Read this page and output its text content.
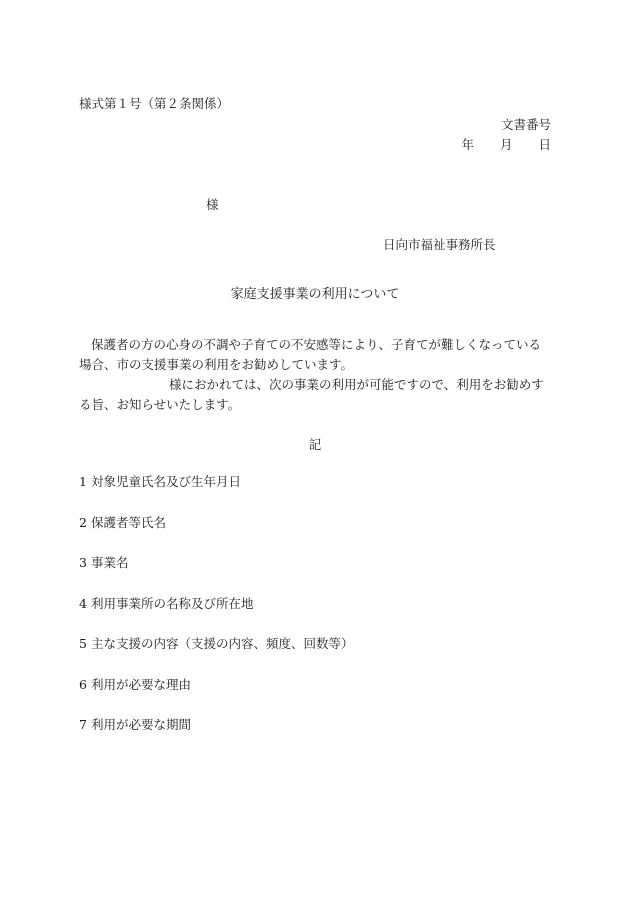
様式第１号（第２条関係）
文書番号
年 月 日
様
日向市福祉事務所長
家庭支援事業の利用について
保護者の方の心身の不調や子育ての不安感等により、子育てが難しくなっている場合、市の支援事業の利用をお勧めしています。
様におかれては、次の事業の利用が可能ですので、利用をお勧めする旨、お知らせいたします。
記
1 対象児童氏名及び生年月日
2 保護者等氏名
3 事業名
4 利用事業所の名称及び所在地
5 主な支援の内容（支援の内容、頻度、回数等）
6 利用が必要な理由
7 利用が必要な期間
